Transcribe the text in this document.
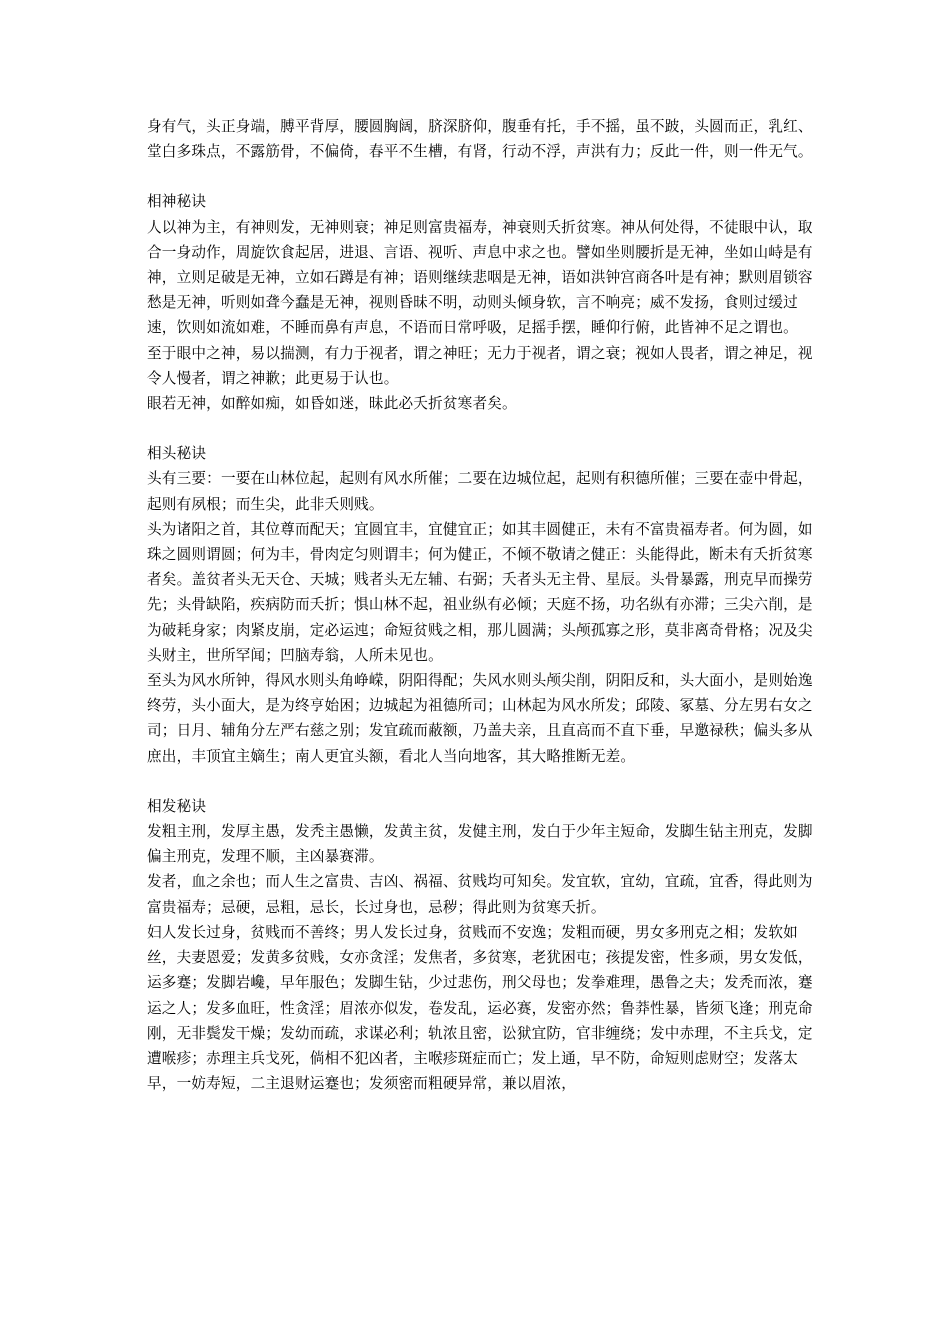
身有气，头正身端，膊平背厚，腰圆胸阔，脐深脐仰，腹垂有托，手不摇，虽不跛，头圆而正，乳红、堂白多珠点，不露筋骨，不偏倚，春平不生槽，有肾，行动不浮，声洪有力；反此一件，则一件无气。

相神秘诀

人以神为主，有神则发，无神则衰；神足则富贵福寿，神衰则夭折贫寒。神从何处得，不徒眼中认，取合一身动作，周旋饮食起居，进退、言语、视听、声息中求之也。譬如坐则腰折是无神，坐如山峙是有神，立则足破是无神，立如石蹲是有神；语则继续悲咽是无神，语如洪钟宫商各叶是有神；默则眉锁容愁是无神，听则如聋今蠢是无神，视则昏昧不明，动则头倾身软，言不响亮；威不发扬，食则过缓过速，饮则如流如难，不睡而鼻有声息，不语而日常呼吸，足摇手摆，睡仰行俯，此皆神不足之谓也。

至于眼中之神，易以揣测，有力于视者，谓之神旺；无力于视者，谓之衰；视如人畏者，谓之神足，视令人慢者，谓之神歉；此更易于认也。

眼若无神，如醉如痴，如昏如迷，昧此必夭折贫寒者矣。

相头秘诀

头有三要：一要在山林位起，起则有风水所催；二要在边城位起，起则有积德所催；三要在壶中骨起，起则有夙根；而生尖，此非夭则贱。

头为诸阳之首，其位尊而配天；宜圆宜丰，宜健宜正；如其丰圆健正，未有不富贵福寿者。何为圆，如珠之圆则谓圆；何为丰，骨肉定匀则谓丰；何为健正，不倾不敬请之健正：头能得此，断未有夭折贫寒者矣。盖贫者头无天仓、天城；贱者头无左辅、右弼；夭者头无主骨、星辰。头骨暴露，刑克早而操劳先；头骨缺陷，疾病防而夭折；惧山林不起，祖业纵有必倾；天庭不扬，功名纵有亦滞；三尖六削，是为破耗身家；肉紧皮崩，定必运迍；命短贫贱之相，那儿圆满；头颅孤寡之形，莫非离奇骨格；况及尖头财主，世所罕闻；凹脑寿翁，人所未见也。

至头为风水所钟，得风水则头角峥嵘，阴阳得配；失风水则头颅尖削，阴阳反和，头大面小，是则始逸终劳，头小面大，是为终亨始困；边城起为祖德所司；山林起为风水所发；邱陵、冢墓、分左男右女之司；日月、辅角分左严右慈之别；发宜疏而蔽额，乃盖夫亲，且直高而不直下垂，早邀禄秩；偏头多从庶出，丰顶宜主嫡生；南人更宜头额，看北人当向地客，其大略推断无差。

相发秘诀

发粗主刑，发厚主愚，发秃主愚懒，发黄主贫，发健主刑，发白于少年主短命，发脚生钻主刑克，发脚偏主刑克，发理不顺，主凶暴赛滞。

发者，血之余也；而人生之富贵、吉凶、祸福、贫贱均可知矣。发宜软，宜幼，宜疏，宜香，得此则为富贵福寿；忌硬，忌粗，忌长，长过身也，忌秽；得此则为贫寒夭折。

妇人发长过身，贫贱而不善终；男人发长过身，贫贱而不安逸；发粗而硬，男女多刑克之相；发软如丝，夫妻恩爱；发黄多贫贱，女亦贪淫；发焦者，多贫寒，老犹困屯；孩提发密，性多顽，男女发低，运多蹇；发脚岩巉，早年服色；发脚生钻，少过悲伤，刑父母也；发拳难理，愚鲁之夫；发秃而浓，蹇运之人；发多血旺，性贪淫；眉浓亦似发，卷发乱，运必赛，发密亦然；鲁莽性暴，皆须飞逢；刑克命刚，无非鬓发干燥；发幼而疏，求谋必利；轨浓且密，讼狱宜防，官非缠绕；发中赤理，不主兵戈，定遭喉疹；赤理主兵戈死，倘相不犯凶者，主喉疹斑症而亡；发上通，早不防，命短则虑财空；发落太早，一妨寿短，二主退财运蹇也；发须密而粗硬异常，兼以眉浓，
